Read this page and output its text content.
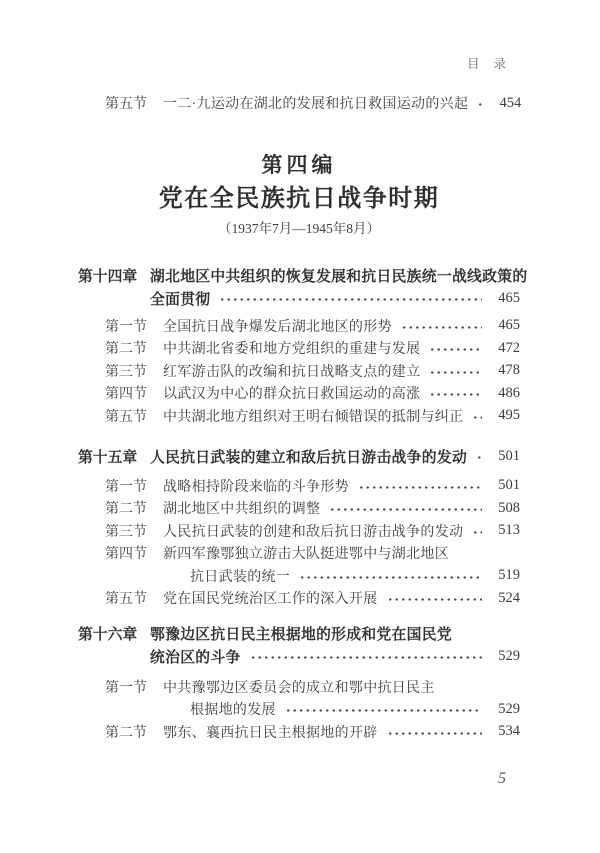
目录
第五节	一二·九运动在湖北的发展和抗日救国运动的兴起	454
第四编
党在全民族抗日战争时期
（1937年7月—1945年8月）
第十四章 湖北地区中共组织的恢复发展和抗日民族统一战线政策的
全面贯彻	465
第一节	全国抗日战争爆发后湖北地区的形势	465
第二节	中共湖北省委和地方党组织的重建与发展	472
第三节	红军游击队的改编和抗日战略支点的建立	478
第四节	以武汉为中心的群众抗日救国运动的高涨	486
第五节	中共湖北地方组织对王明右倾错误的抵制与纠正	495
第十五章 人民抗日武装的建立和敌后抗日游击战争的发动	501
第一节	战略相持阶段来临的斗争形势	501
第二节	湖北地区中共组织的调整	508
第三节	人民抗日武装的创建和敌后抗日游击战争的发动	513
第四节	新四军豫鄂独立游击大队挺进鄂中与湖北地区
抗日武装的统一	519
第五节	党在国民党统治区工作的深入开展	524
第十六章 鄂豫边区抗日民主根据地的形成和党在国民党
统治区的斗争	529
第一节	中共豫鄂边区委员会的成立和鄂中抗日民主
根据地的发展	529
第二节	鄂东、襄西抗日民主根据地的开辟	534
5
